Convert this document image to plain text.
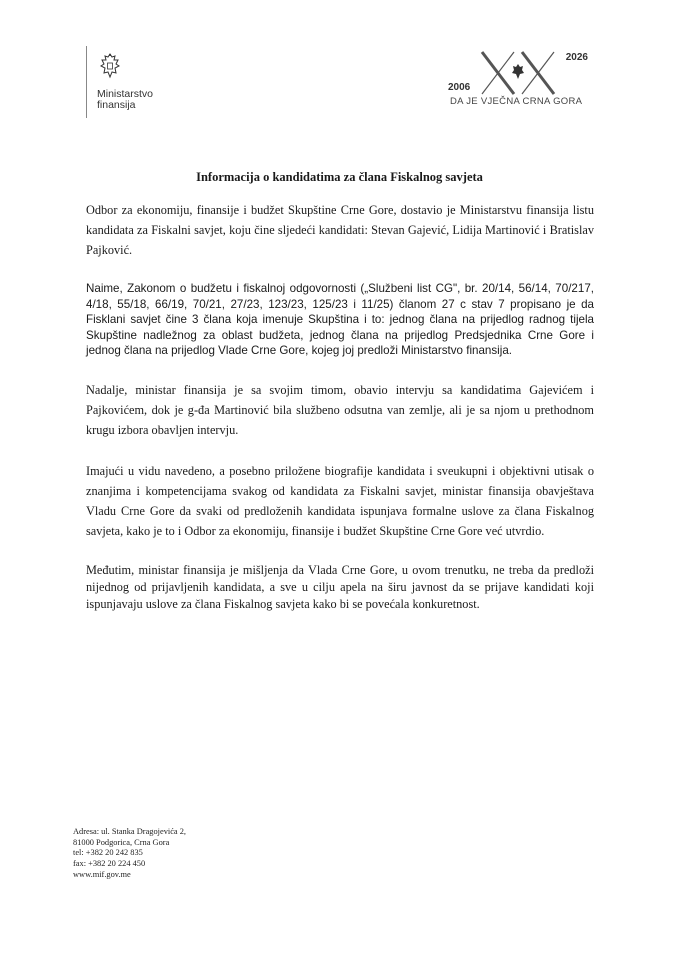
Ministarstvo
finansija
2006
2026
DA JE VJEČNA CRNA GORA
Informacija o kandidatima za člana Fiskalnog savjeta

Odbor za ekonomiju, finansije i budžet Skupštine Crne Gore, dostavio je Ministarstvu finansija listu kandidata za Fiskalni savjet, koju čine sljedeći kandidati: Stevan Gajević, Lidija Martinović i Bratislav Pajković.

Naime, Zakonom o budžetu i fiskalnoj odgovornosti („Službeni list CG", br. 20/14, 56/14, 70/217, 4/18, 55/18, 66/19, 70/21, 27/23, 123/23, 125/23 i 11/25) članom 27 c stav 7 propisano je da Fisklani savjet čine 3 člana koja imenuje Skupština i to: jednog člana na prijedlog radnog tijela Skupštine nadležnog za oblast budžeta, jednog člana na prijedlog Predsjednika Crne Gore i jednog člana na prijedlog Vlade Crne Gore, kojeg joj predloži Ministarstvo finansija.

Nadalje, ministar finansija je sa svojim timom, obavio intervju sa kandidatima Gajevićem i Pajkovićem, dok je g-đa Martinović bila službeno odsutna van zemlje, ali je sa njom u prethodnom krugu izbora obavljen intervju.

Imajući u vidu navedeno, a posebno priložene biografije kandidata i sveukupni i objektivni utisak o znanjima i kompetencijama svakog od kandidata za Fiskalni savjet, ministar finansija obavještava Vladu Crne Gore da svaki od predloženih kandidata ispunjava formalne uslove za člana Fiskalnog savjeta, kako je to i Odbor za ekonomiju, finansije i budžet Skupštine Crne Gore već utvrdio.

Međutim, ministar finansija je mišljenja da Vlada Crne Gore, u ovom trenutku, ne treba da predloži nijednog od prijavljenih kandidata, a sve u cilju apela na širu javnost da se prijave kandidati koji ispunjavaju uslove za člana Fiskalnog savjeta kako bi se povećala konkuretnost.

Adresa: ul. Stanka Dragojevića 2,
81000 Podgorica, Crna Gora
tel: +382 20 242 835
fax: +382 20 224 450
www.mif.gov.me
